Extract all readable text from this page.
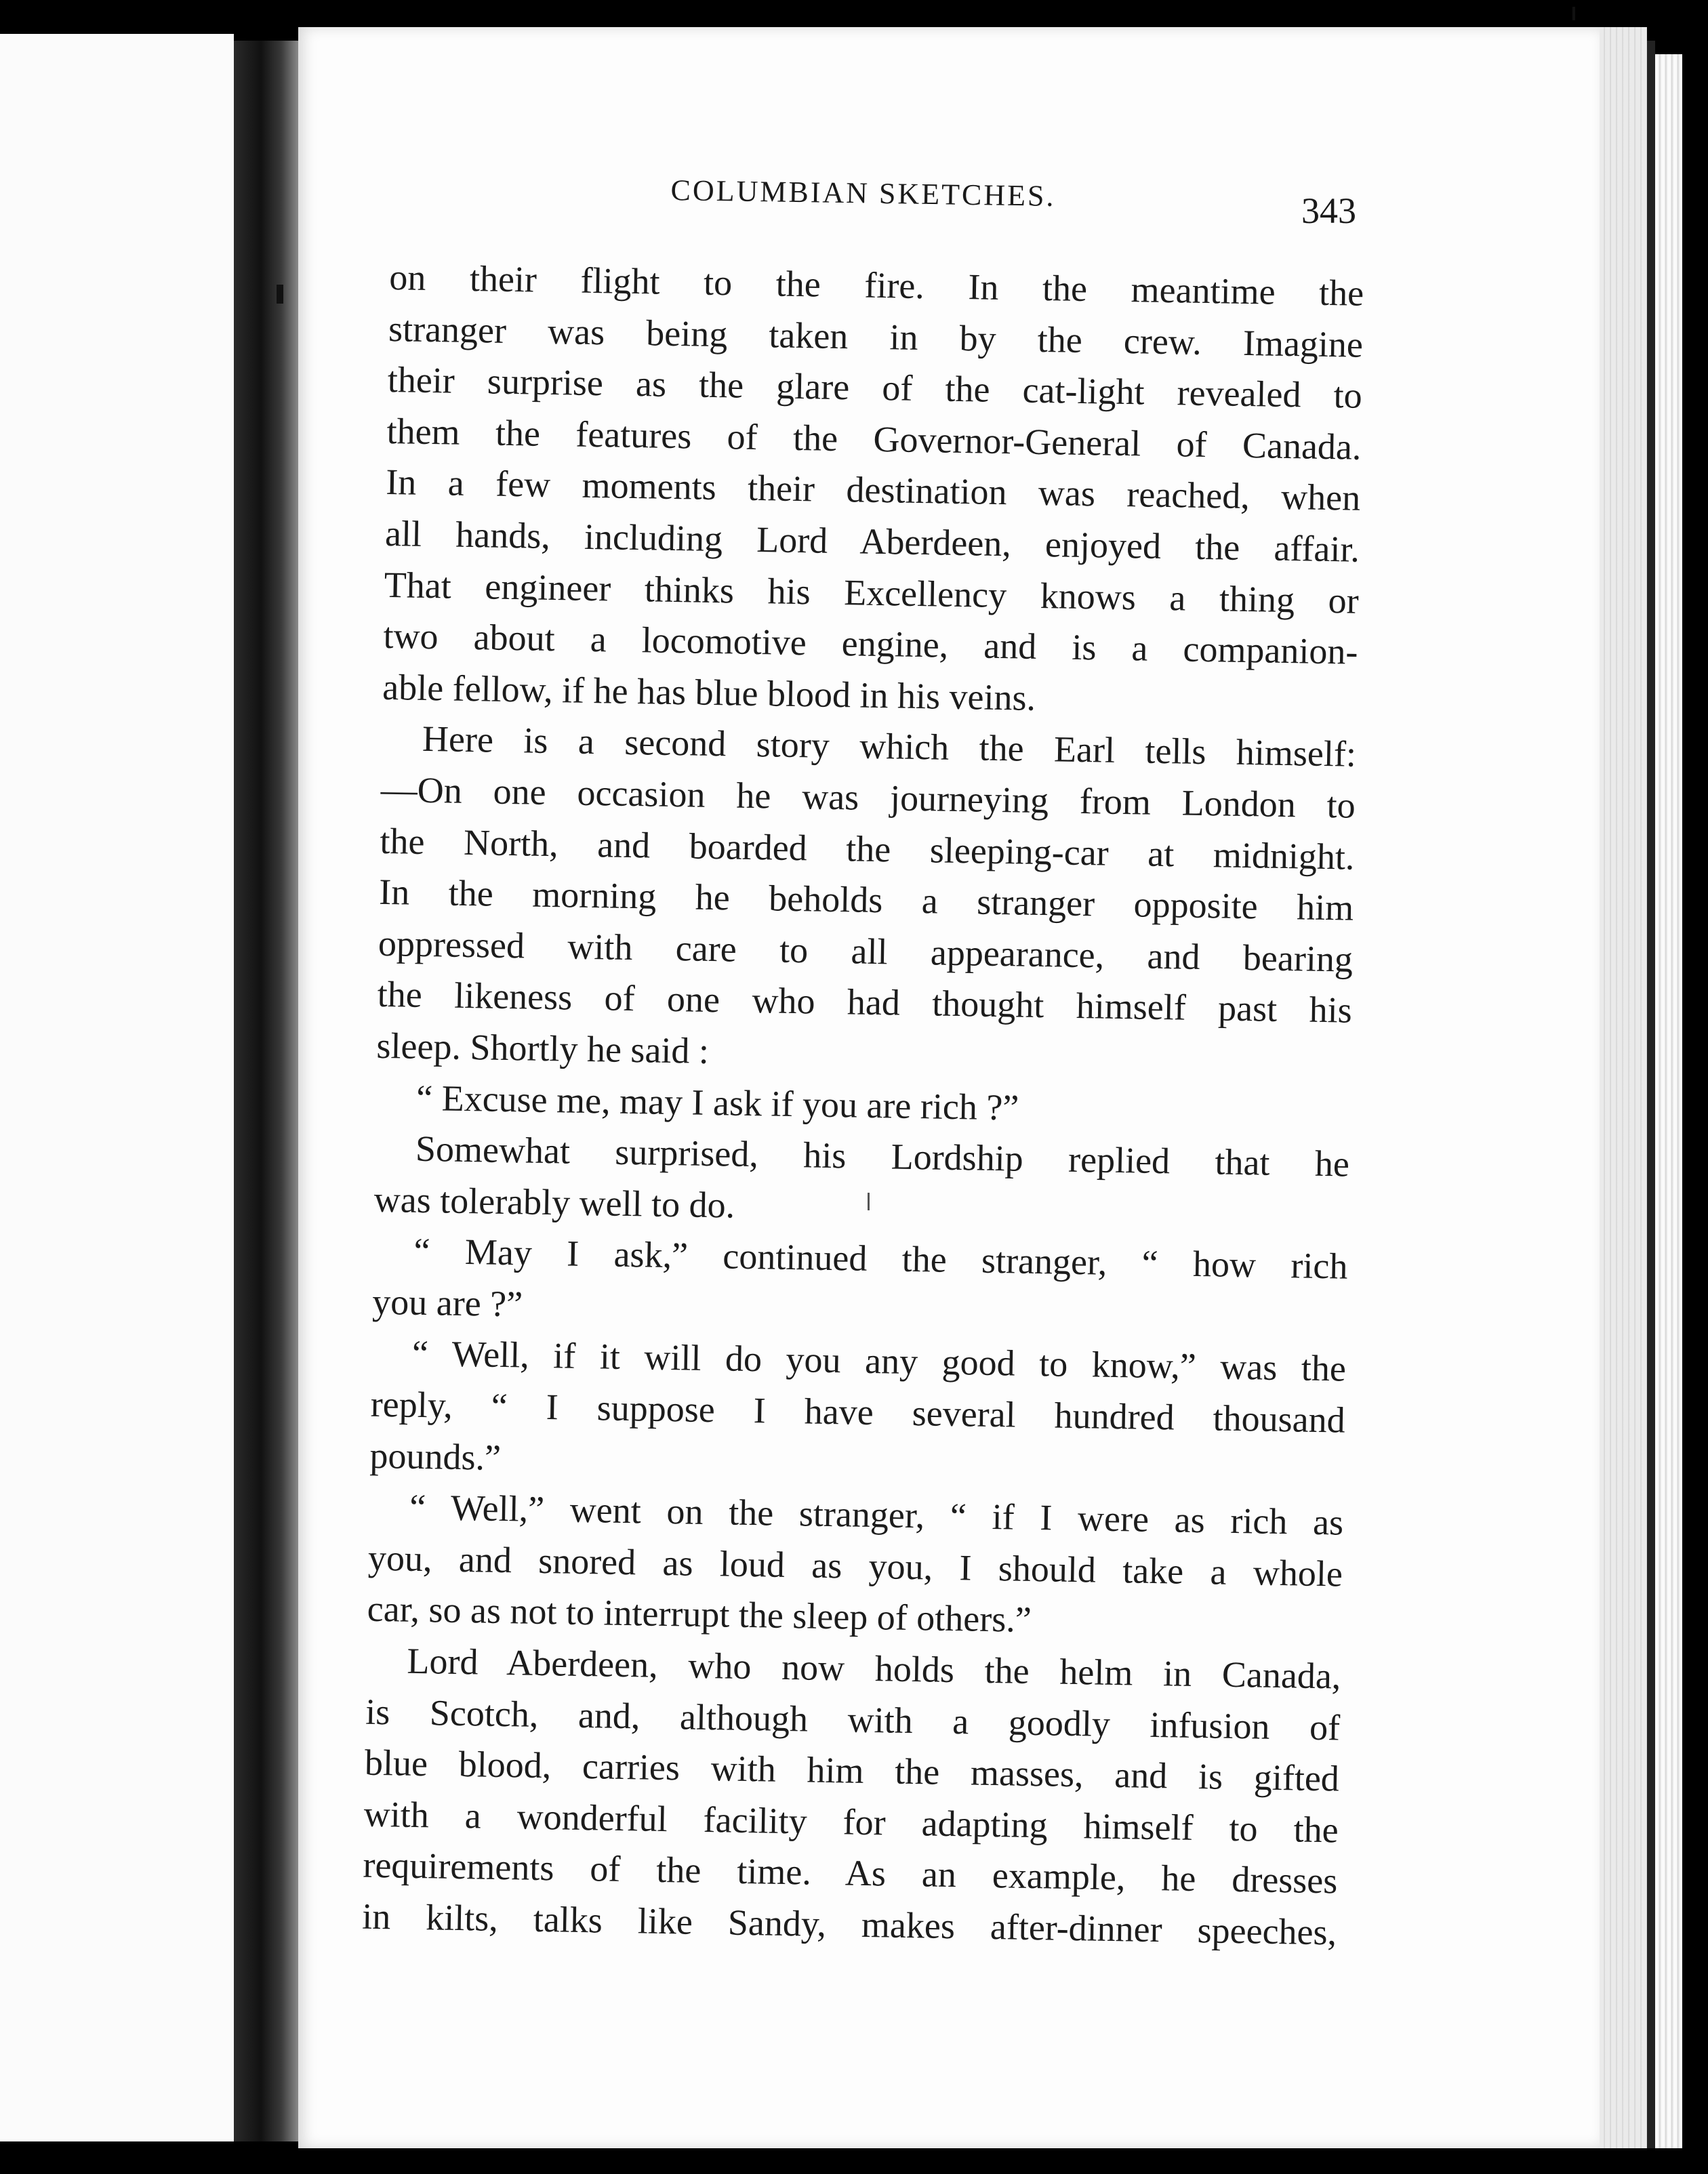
COLUMBIAN SKETCHES.	343
on their flight to the fire. In the meantime the
stranger was being taken in by the crew. Imagine
their surprise as the glare of the cat-light revealed to
them the features of the Governor-General of Canada.
In a few moments their destination was reached, when
all hands, including Lord Aberdeen, enjoyed the affair.
That engineer thinks his Excellency knows a thing or
two about a locomotive engine, and is a companion-
able fellow, if he has blue blood in his veins.
Here is a second story which the Earl tells himself:
—On one occasion he was journeying from London to
the North, and boarded the sleeping-car at midnight.
In the morning he beholds a stranger opposite him
oppressed with care to all appearance, and bearing
the likeness of one who had thought himself past his
sleep. Shortly he said :
“ Excuse me, may I ask if you are rich ?”
Somewhat surprised, his Lordship replied that he
was tolerably well to do.
“ May I ask,” continued the stranger, “ how rich
you are ?”
“ Well, if it will do you any good to know,” was the
reply, “ I suppose I have several hundred thousand
pounds.”
“ Well,” went on the stranger, “ if I were as rich as
you, and snored as loud as you, I should take a whole
car, so as not to interrupt the sleep of others.”
Lord Aberdeen, who now holds the helm in Canada,
is Scotch, and, although with a goodly infusion of
blue blood, carries with him the masses, and is gifted
with a wonderful facility for adapting himself to the
requirements of the time. As an example, he dresses
in kilts, talks like Sandy, makes after-dinner speeches,
